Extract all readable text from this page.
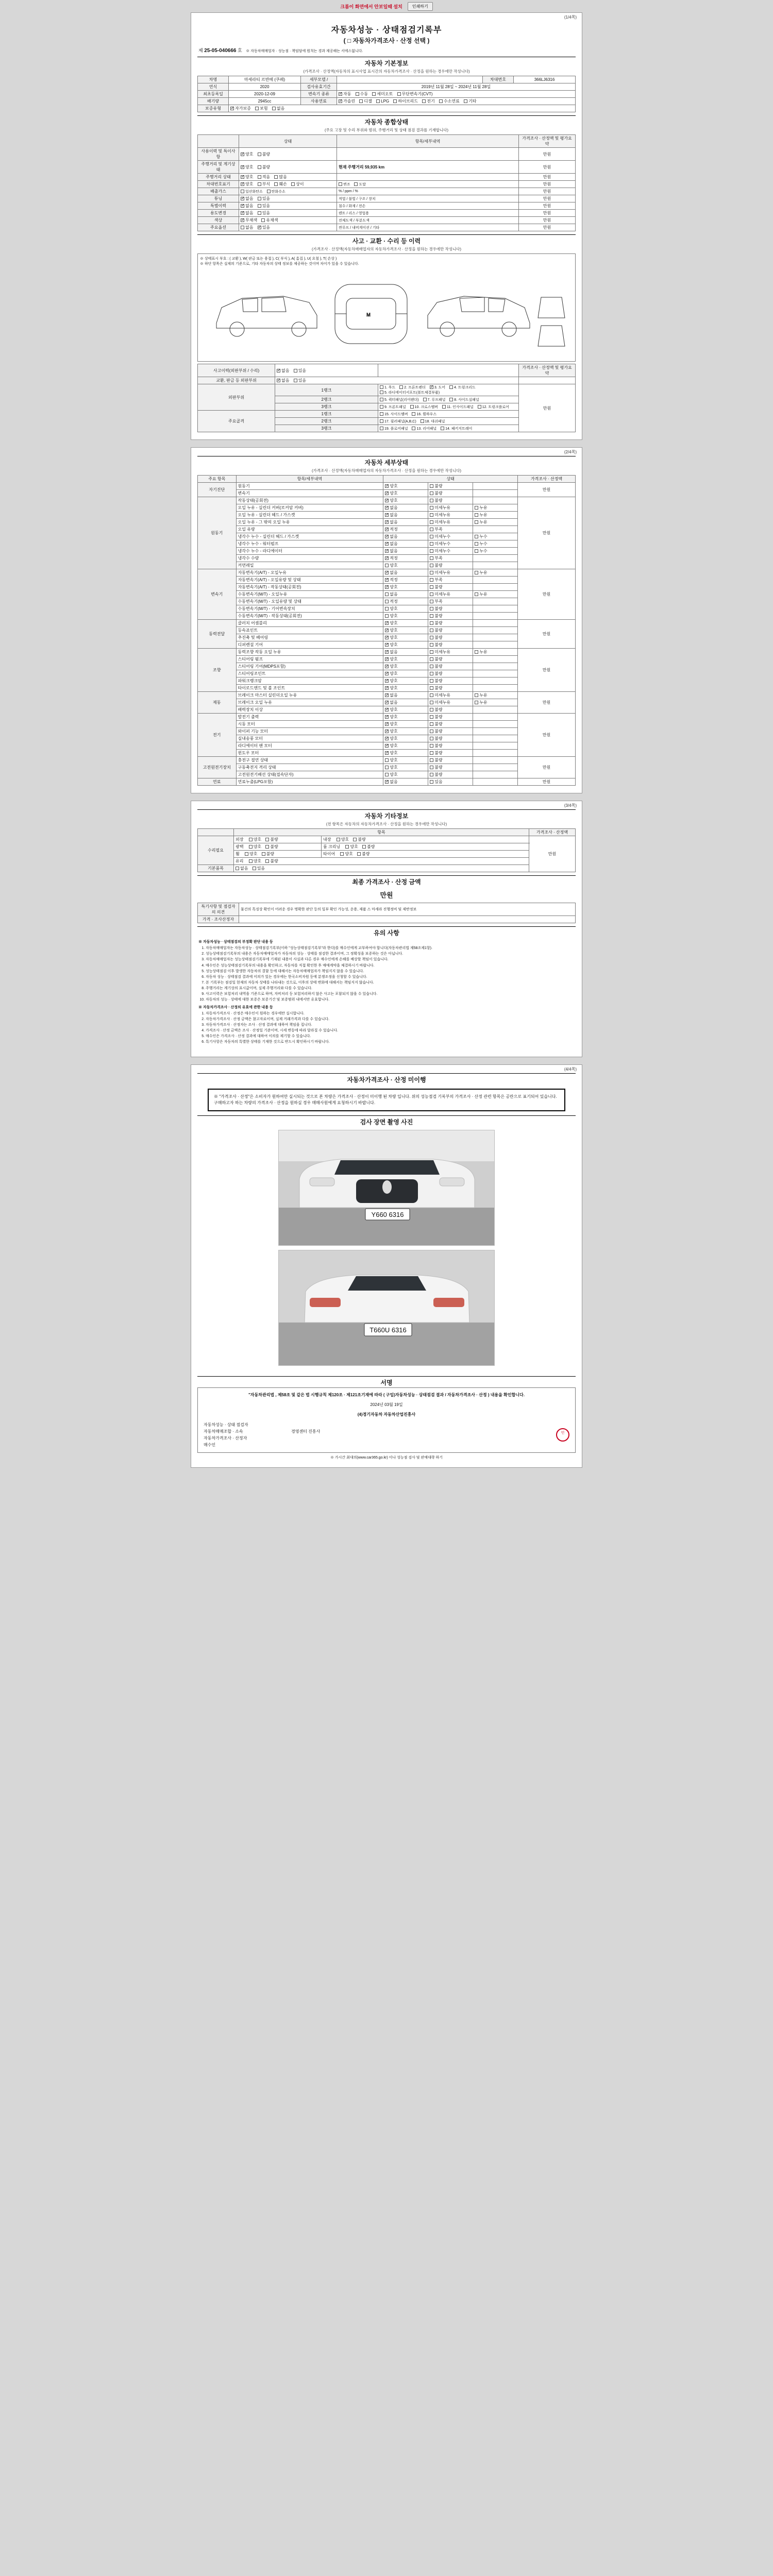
크롬이 화면에서 안보일때 설치	인쇄하기
(1/4쪽)
자동차성능 · 상태점검기록부
( □ 자동차가격조사 · 산정 선택 )
제 25-05-040666 호 ※ 자동차매매업자 · 성능점 · 책임담에 원칙는 경과 제공해는 서에스없니다.
자동차 기본정보
(가격조사 · 산정액(자동차의 표시사업 표시간의 자동차가격조사 · 산정을 원하는 경우에만 작성니다)
차명	마세라티 르반떼 (쿠페)	세부모델 /		차대번호	366LJ6316
연식	2020	검사유효기간	2019년 11월 28일 ~ 2024년 11월 28일		
최초등록일	2020-12-09	변속기 종류	✓자동 수동 세미오토 무단변속기(CVT)
배기량	2945cc	사용연료	✓가솔린 디젤 LPG 하이브리드 전기 수소연료 기타
보증유형	✓자가보증 보험 없음
자동차 종합상태
(주요 고장 및 수리 부위와 범위, 주행거리 및 상태 점검 결과를 기재합니다)
	상태	항목/세부내역	가격조사 · 산정액 및 평가요약
사용이력 및 특이사항	✓양호 불량		만원
주행거리 및 계기상태	✓양호 불량	현재 주행거리 59,935 km	만원
주행거리 상태	✓양호 적음 많음		만원
차대번호표기	✓양호 부식 훼손 상이	변조 도말	만원
배출가스	일산화탄소 탄화수소	% / ppm / %	만원
튜닝	✓없음 있음	적법 / 불법 / 구조 / 장치	만원
특별이력	✓없음 있음	침수 / 화재 / 전손	만원
용도변경	✓없음 있음	렌트 / 리스 / 영업용	만원
색상	✓무채색 유채색	전체도색 / 부분도색	만원
주요옵션	없음 ✓ 있음	썬루프 / 내비게이션 / 기타	만원
사고 · 교환 · 수리 등 이력
(가격조사 · 산정액(자동차매매업자의 자동차가격조사 · 산정을 원하는 경우에만 작성니다)
※ 상태표시 부호 : ( 교환 ), W( 판금 또는 용접 ), C( 부식 ), A( 흠집 ), U( 요철 ), T( 손상 )
※ 하단 항목은 실제의 기준으로, 기타 자동차의 상태 정보를 제공하는 것이며 차이가 있을 수 있습니다.
M
사고이력(외판부위 / 수리)	✓없음 있음		가격조사 · 산정액 및 평가요약
교환, 판금 등 외판부위	✓없음 있음	
외판부위	1랭크	1. 후드 2. 프론트펜더 ✓ 3. 도어 4. 트렁크리드
5. 라디에이터서포트(볼트체결부품)	만원
	2랭크	5. 퀵터패널(리어펜더) 7. 루프패널 8. 사이드실패널	
	3랭크	9. 프론트패널 10. 크로스멤버 11. 인사이드패널 12. 트렁크플로어	
주요골격	1랭크	15. 사이드멤버 16. 휠하우스	
	2랭크	17. 필러패널(A,B,C) 18. 대쉬패널	
	3랭크	19. 플로어패널 13. 리어패널 14. 패키지트레이	
(2/4쪽)
자동차 세부상태
(가격조사 · 산정액(자동차매매업자의 자동차가격조사 · 산정을 원하는 경우에만 작성니다)
주요 항목	항목/세부내역	상태			가격조사 · 산정액
자기진단	원동기	✓양호	불량		만원
	변속기	✓양호	불량		
원동기	작동상태(공회전)	✓양호	불량		만원
	오일 누유 - 실린더 커버(로커암 커버)	✓없음	미세누유	누유	
	오일 누유 - 실린더 헤드 / 가스켓	✓없음	미세누유	누유	
	오일 누유 - 그 밖의 오일 누유	✓없음	미세누유	누유	
	오일 유량	✓적정	부족		
	냉각수 누수 - 실린더 헤드 / 가스켓	✓없음	미세누수	누수	
	냉각수 누수 - 워터펌프	✓없음	미세누수	누수	
	냉각수 누수 - 라디에이터	✓없음	미세누수	누수	
	냉각수 수량	✓적정	부족		
	커먼레일	양호	불량		
변속기	자동변속기(A/T) - 오일누유	✓없음	미세누유	누유	만원
	자동변속기(A/T) - 오일유량 및 상태	✓적정	부족		
	자동변속기(A/T) - 작동상태(공회전)	✓양호	불량		
	수동변속기(M/T) - 오일누유	없음	미세누유	누유	
	수동변속기(M/T) - 오일유량 및 상태	적정	부족		
	수동변속기(M/T) - 기어변속장치	양호	불량		
	수동변속기(M/T) - 작동상태(공회전)	양호	불량		
동력전달	클러치 어셈블리	✓양호	불량		만원
	등속죠인트	✓양호	불량		
	추진축 및 베어링	✓양호	불량		
	디퍼렌셜 기어	✓양호	불량		
조향	동력조향 작동 오일 누유	✓없음	미세누유	누유	만원
	스티어링 펌프	✓양호	불량		
	스티어링 기어(MDPS포함)	✓양호	불량		
	스티어링조인트	✓양호	불량		
	파워크랭크암	✓양호	불량		
	타이로드엔드 및 볼 조인트	✓양호	불량		
제동	브레이크 마스터 실린더오일 누유	✓없음	미세누유	누유	만원
	브레이크 오일 누유	✓없음	미세누유	누유	
	배력장치 이상	✓양호	불량		
전기	발전기 출력	✓양호	불량		만원
	시동 모터	✓양호	불량		
	와이퍼 기능 모터	✓양호	불량		
	실내송풍 모터	✓양호	불량		
	라디에이터 팬 모터	✓양호	불량		
	윈도우 모터	✓양호	불량		
고전원전기장치	충전구 절연 상태	양호	불량		만원
	구동축전지 격리 상태	양호	불량		
	고전원전기배선 상태(접속단자)	양호	불량		
연료	연료누출(LPG포함)	✓없음	있음		만원
(3/4쪽)
자동차 기타정보
(전 항목은 자동차의 자동차가격조사 · 산정을 원하는 경우에만 작성니다)
	항목		가격조사 · 산정액
수리필요	외장 양호 불량	내장 양호 불량	만원
	광택 양호 불량	룸 크리닝 양호 불량	
	휠 양호 불량	타이어 양호 불량	
	유리 양호 불량		
기본품목	없음 있음		
최종 가격조사 · 산정 금액
만원
특기사항 및 점검자의 의견	물건의 특징상 확인이 어려운 경우 명확한 판단 등의 일부 확인 가능성, 운용, 제품 스 마세라 진행정비 및 제반정보
가격 · 조사산정자	
유의 사항

※ 자동차성능 · 상태점검의 부정확 판단 내용 등

1. 자동차매매업자는 자동차성능 · 상태점검기록부(이하 "성능상태점검기록부"라 한다)를 매수인에게 교부하여야 합니다(자동차관리법 제58조제1항).
2. 성능상태점검기록부의 내용은 자동차매매업자가 자동차의 성능 · 상태를 점검한 결과이며, 그 정확성을 보증하는 것은 아닙니다.
3. 자동차매매업자는 성능상태점검기록부에 기재된 내용이 사실과 다른 경우 매수인에게 손해를 배상할 책임이 있습니다.
4. 매수인은 성능상태점검기록부의 내용을 확인하고, 자동차를 직접 확인한 후 매매계약을 체결하시기 바랍니다.
5. 성능상태점검 이후 발생한 자동차의 결함 등에 대해서는 자동차매매업자가 책임지지 않을 수 있습니다.
6. 자동차 성능 · 상태점검 결과에 이의가 있는 경우에는 한국소비자원 등에 분쟁조정을 신청할 수 있습니다.
7. 본 기록부는 점검일 현재의 자동차 상태를 나타내는 것으로, 이후의 상태 변화에 대해서는 책임지지 않습니다.
8. 주행거리는 계기상의 표시값이며, 실제 주행거리와 다를 수 있습니다.
9. 사고이력은 보험처리 내역을 기준으로 하며, 자비처리 등 보험처리하지 않은 사고는 포함되지 않을 수 있습니다.
10. 자동차의 성능 · 상태에 대한 보증은 보증기간 및 보증범위 내에서만 유효합니다.

※ 자동차가격조사 · 산정의 유효에 관한 내용 등

1. 자동차가격조사 · 산정은 매수인이 원하는 경우에만 실시합니다.
2. 자동차가격조사 · 산정 금액은 참고자료이며, 실제 거래가격과 다를 수 있습니다.
3. 자동차가격조사 · 산정자는 조사 · 산정 결과에 대하여 책임을 집니다.
4. 가격조사 · 산정 금액은 조사 · 산정일 기준이며, 시세 변동에 따라 달라질 수 있습니다.
5. 매수인은 가격조사 · 산정 결과에 대하여 이의를 제기할 수 있습니다.
6. 특기사항은 자동차의 특별한 상태를 기재한 것으로 반드시 확인하시기 바랍니다.
(4/4쪽)
자동차가격조사 · 산정 미이행
※ "가격조사 · 산정"은 소비자가 원하여만 실시되는 것으로 본 차량은 가격조사 · 산정이 미이행 된 차량 입니다. 위의 성능점검 기록부의 가격조사 · 산정 관련 항목은 공란으로 표기되어 있습니다. 구매하고자 하는 차량의 가격조사 · 산정을 원하실 경우 매매사원에게 요청하시기 바랍니다.
검사 장면 촬영 사진
Y660 6316
T660U 6316
서명
"자동차관리법 , 제58조 및 같은 법 시행규칙 제120조 · 제121조기재에 따라 ( 구입)자동차성능 · 상태점검 결과 / 자동차가격조사 · 산정 ) 내용을 확인합니다.
2024년 03월 19일
(4)경기자동차 자동차산업진흥사
자동차성능 · 상태 점검자		인
자동차매매조합 · 소속	경영센터 진흥사	
자동차가격조사 · 산정자		
매수인		
※ 가시간 최대의(www.car365.go.kr) 이나 성능점 검사 및 판매대략 하기
